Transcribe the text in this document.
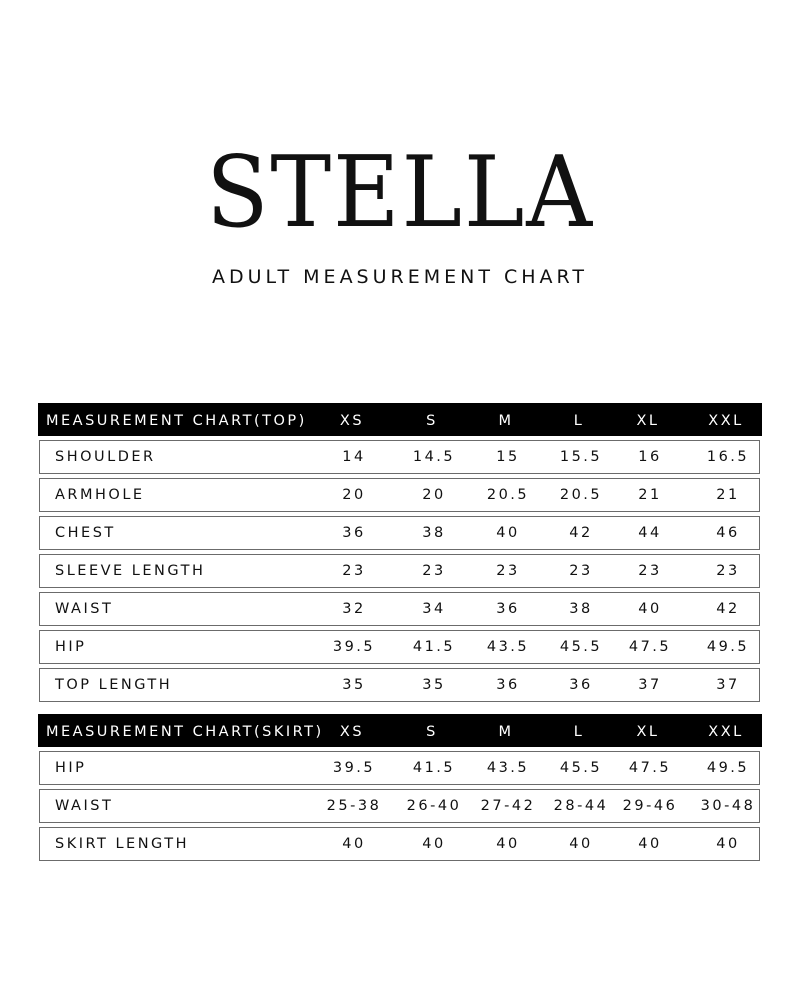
STELLA
ADULT MEASUREMENT CHART
MEASUREMENT CHART(TOP)	XS	S	M	L	XL	XXL
SHOULDER	14	14.5	15	15.5	16	16.5
ARMHOLE	20	20	20.5	20.5	21	21
CHEST	36	38	40	42	44	46
SLEEVE LENGTH	23	23	23	23	23	23
WAIST	32	34	36	38	40	42
HIP	39.5	41.5	43.5	45.5	47.5	49.5
TOP LENGTH	35	35	36	36	37	37
MEASUREMENT CHART(SKIRT)	XS	S	M	L	XL	XXL
HIP	39.5	41.5	43.5	45.5	47.5	49.5
WAIST	25-38	26-40	27-42	28-44 29-46	30-48
SKIRT LENGTH	40	40	40	40	40	40
